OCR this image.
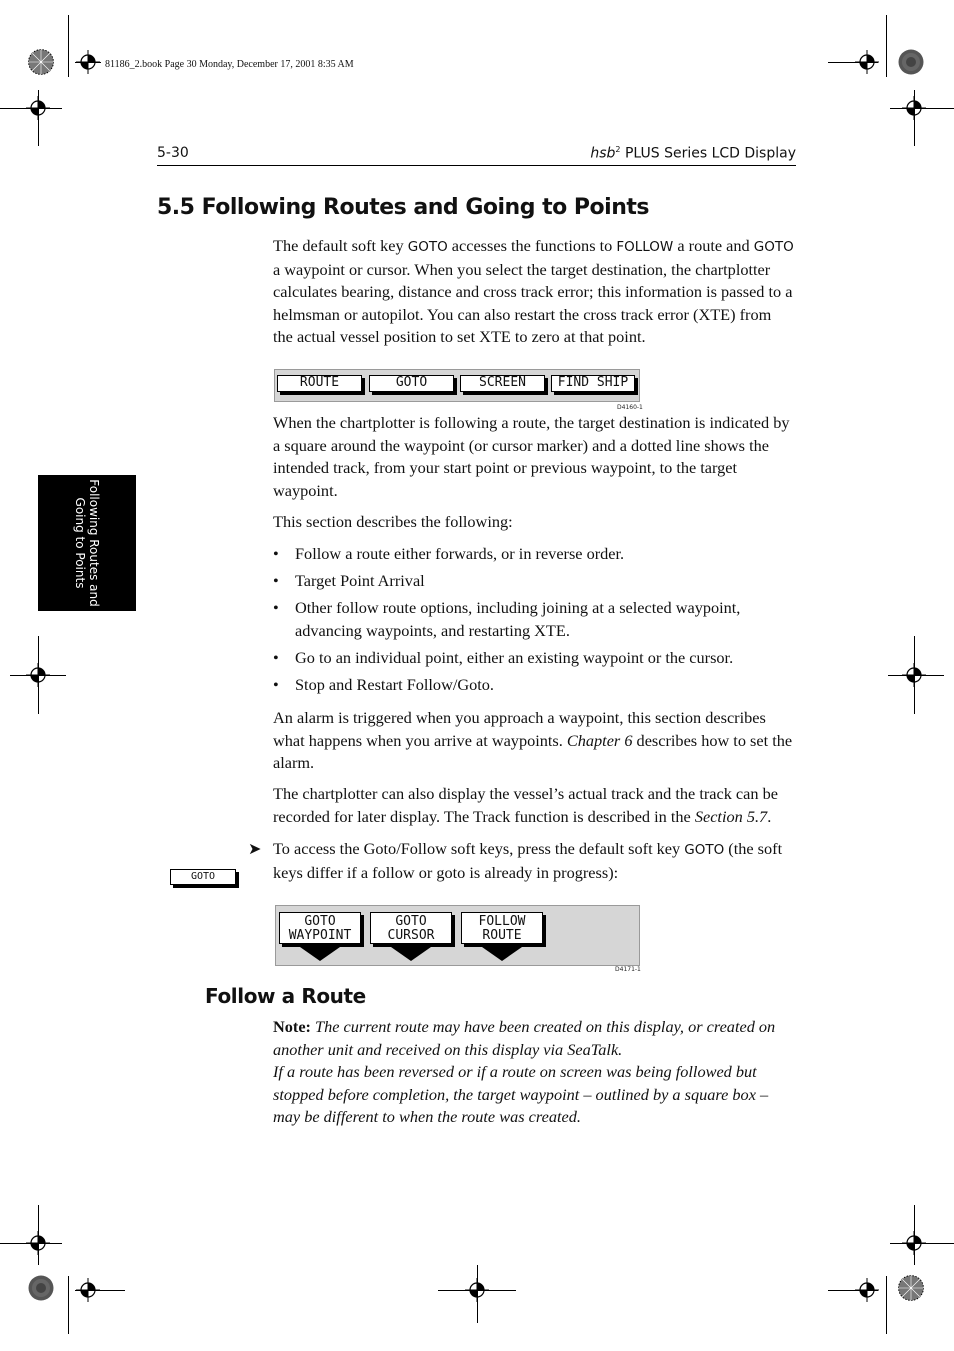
81186_2.book Page 30 Monday, December 17, 2001 8:35 AM
5-30	hsb$^2$ PLUS Series LCD Display
Following Routes and
Going to Points
5.5 Following Routes and Going to Points

The default soft key GOTO accesses the functions to FOLLOW a route and GOTO a waypoint or cursor. When you select the target destination, the chartplotter calculates bearing, distance and cross track error; this information is passed to a helmsman or autopilot. You can also restart the cross track error (XTE) from the actual vessel position to set XTE to zero at that point.

ROUTE	GOTO	SCREEN	FIND SHIP
D4160-1

When the chartplotter is following a route, the target destination is indicated by a square around the waypoint (or cursor marker) and a dotted line shows the intended track, from your start point or previous waypoint, to the target waypoint.

This section describes the following:

• Follow a route either forwards, or in reverse order.
• Target Point Arrival
• Other follow route options, including joining at a selected waypoint, advancing waypoints, and restarting XTE.
• Go to an individual point, either an existing waypoint or the cursor.
• Stop and Restart Follow/Goto.

An alarm is triggered when you approach a waypoint, this section describes what happens when you arrive at waypoints. Chapter 6 describes how to set the alarm.

The chartplotter can also display the vessel’s actual track and the track can be recorded for later display. The Track function is described in the Section 5.7.

➤ To access the Goto/Follow soft keys, press the default soft key GOTO (the soft keys differ if a follow or goto is already in progress):

GOTO
GOTO
WAYPOINT
GOTO
CURSOR
FOLLOW
ROUTE
D4171-1
Follow a Route

Note: The current route may have been created on this display, or created on another unit and received on this display via SeaTalk.
If a route has been reversed or if a route on screen was being followed but stopped before completion, the target waypoint – outlined by a square box – may be different to when the route was created.
